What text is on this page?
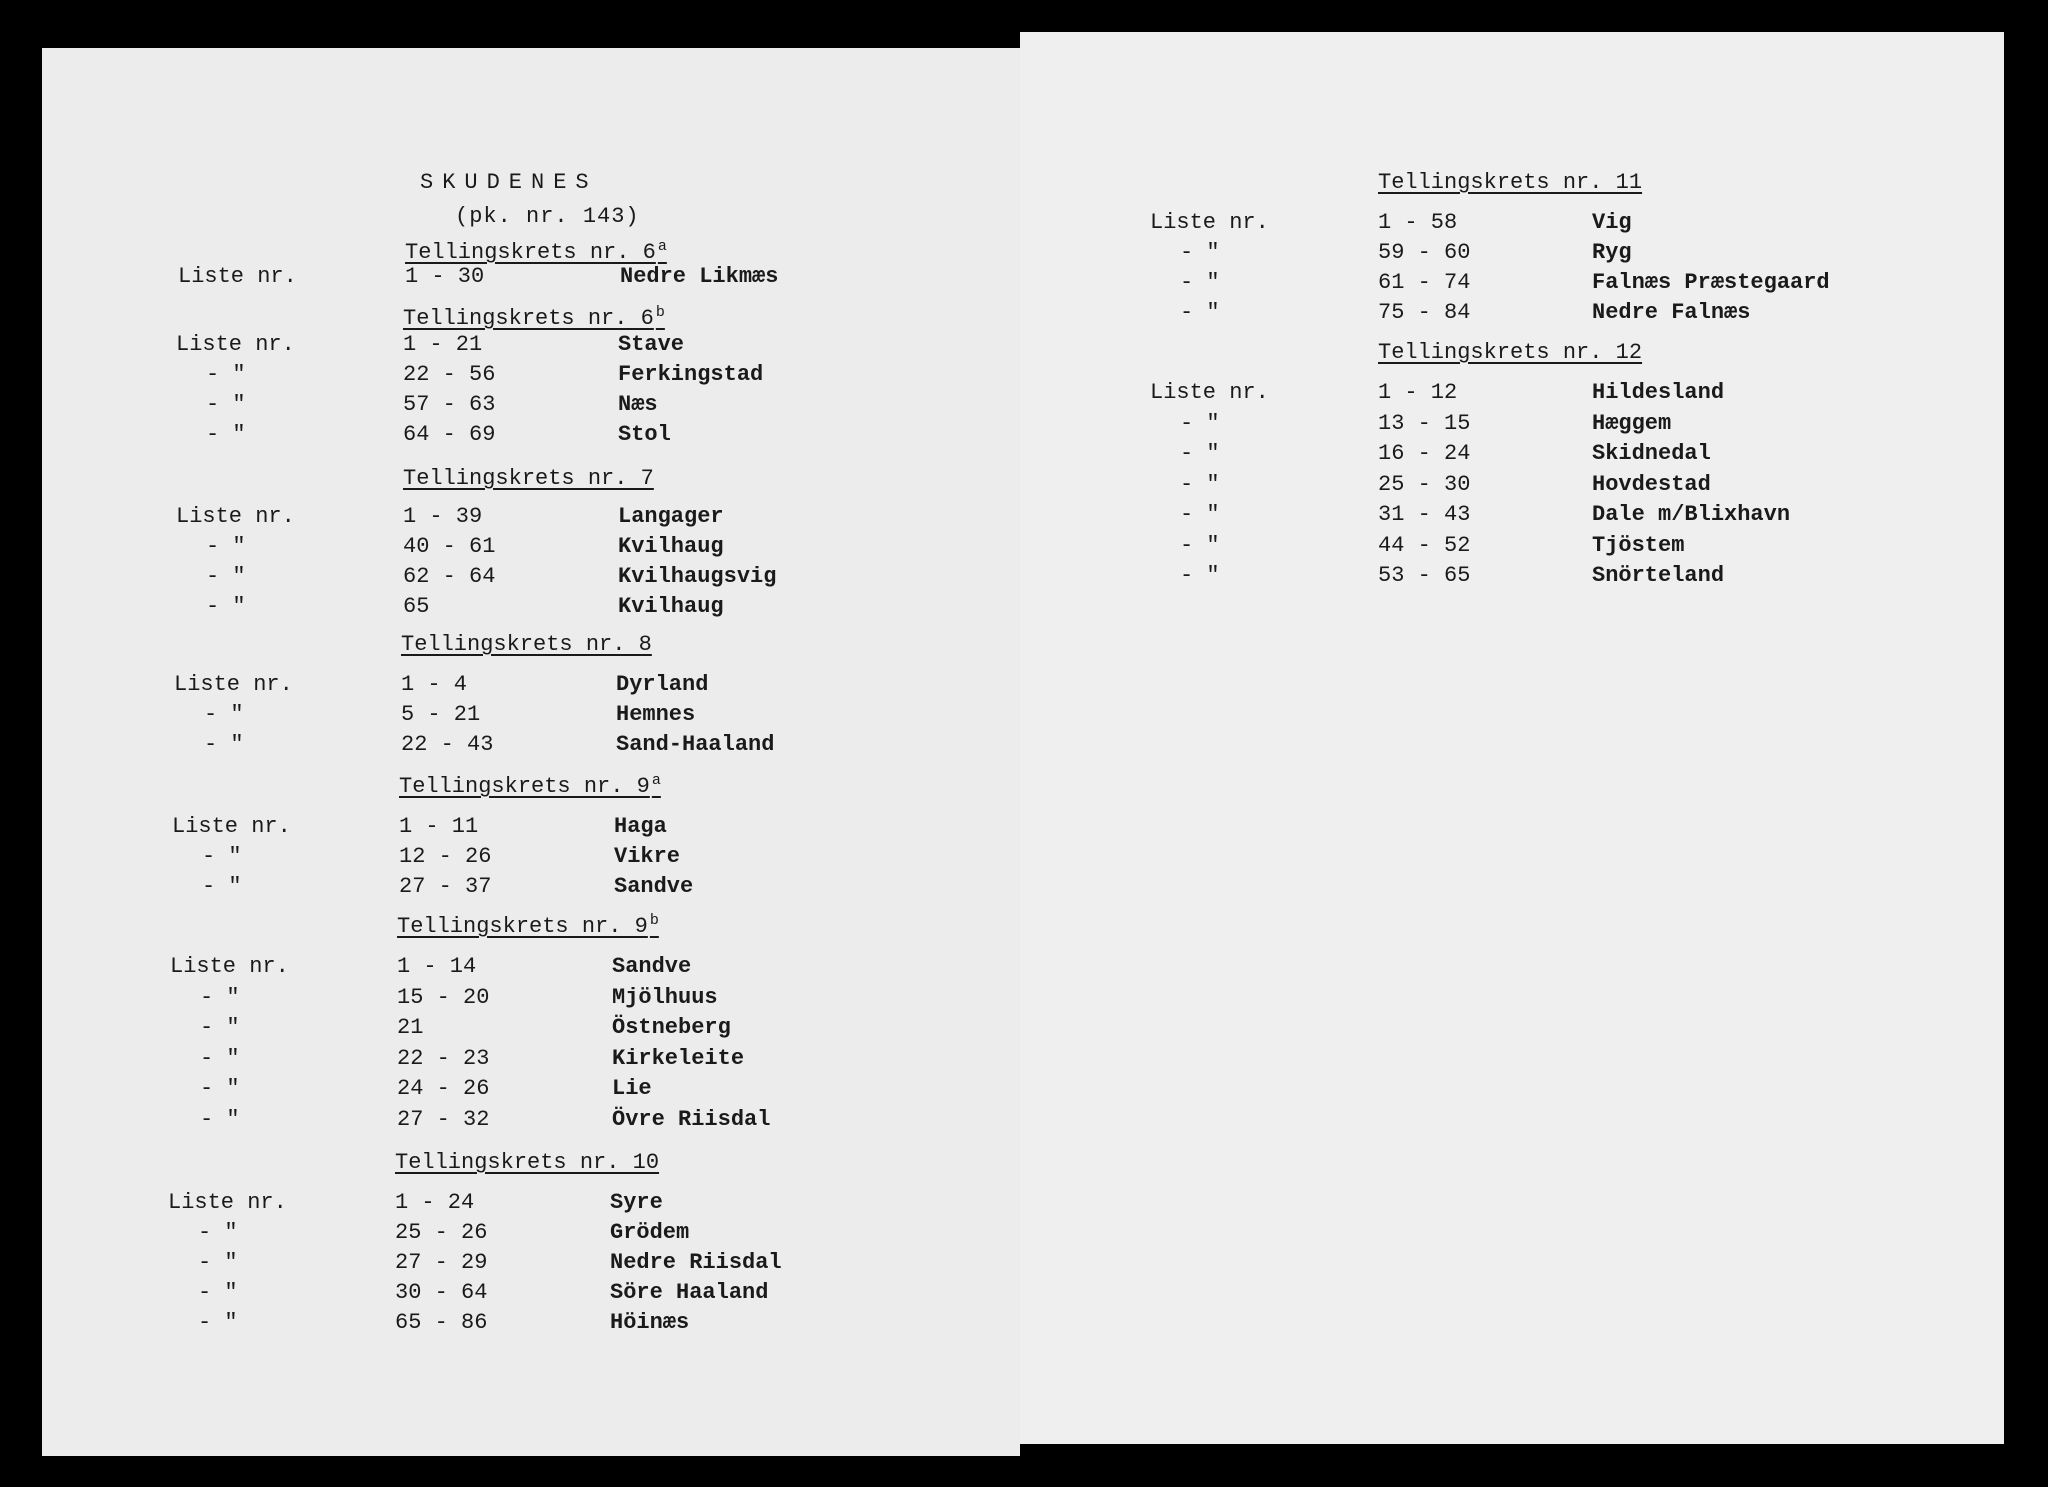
SKUDENES
(pk. nr. 143)
Tellingskrets nr. 6 $^a$
Liste nr.	1 - 30	Nedre Likmæs
Tellingskrets nr. 6 $^b$
Liste nr.	1 - 21	Stave
- "	22 - 56	Ferkingstad
- "	57 - 63	Næs
- "	64 - 69	Stol
Tellingskrets nr. 7
Liste nr.	1 - 39	Langager
- "	40 - 61	Kvilhaug
- "	62 - 64	Kvilhaugsvig
- "	65	Kvilhaug
Tellingskrets nr. 8
Liste nr.	1 - 4	Dyrland
- "	5 - 21	Hemnes
- "	22 - 43	Sand-Haaland
Tellingskrets nr. 9 $^a$
Liste nr.	1 - 11	Haga
- "	12 - 26	Vikre
- "	27 - 37	Sandve
Tellingskrets nr. 9 $^b$
Liste nr.	1 - 14	Sandve
- "	15 - 20	Mjölhuus
- "	21	Östneberg
- "	22 - 23	Kirkeleite
- "	24 - 26	Lie
- "	27 - 32	Övre Riisdal
Tellingskrets nr. 10
Liste nr.	1 - 24	Syre
- "	25 - 26	Grödem
- "	27 - 29	Nedre Riisdal
- "	30 - 64	Söre Haaland
- "	65 - 86	Höinæs
Tellingskrets nr. 11
Liste nr.	1 - 58	Vig
- "	59 - 60	Ryg
- "	61 - 74	Falnæs Præstegaard
- "	75 - 84	Nedre Falnæs
Tellingskrets nr. 12
Liste nr.	1 - 12	Hildesland
- "	13 - 15	Hæggem
- "	16 - 24	Skidnedal
- "	25 - 30	Hovdestad
- "	31 - 43	Dale m/Blixhavn
- "	44 - 52	Tjöstem
- "	53 - 65	Snörteland
